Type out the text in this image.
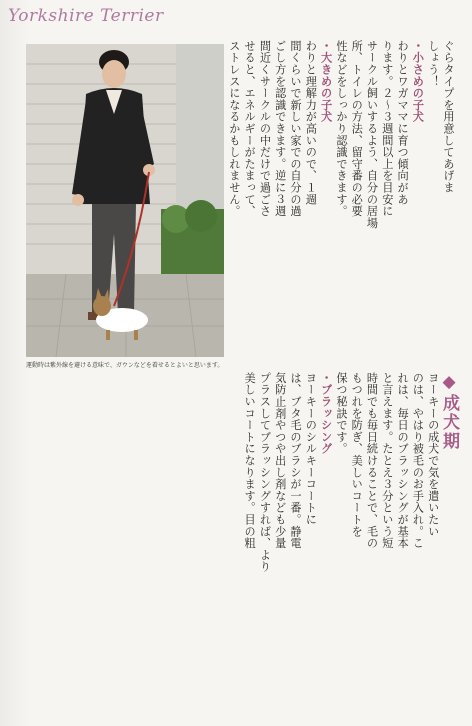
Yorkshire Terrier
運動時は紫外線を避ける意味で、ガウンなどを着せるとよいと思います。

ぐらタイプを用意してあげま

しょう！

・小さめの子犬

わりとワガママに育つ傾向があ

ります。２～３週間以上を目安に

サークル飼いするよう、自分の居場

所、トイレの方法、留守番の必要

性などをしっかり認識できます。

・大きめの子犬

わりと理解力が高いので、１週

間くらいで新しい家での自分の過

ごし方を認識できます。逆に３週

間近くサークルの中だけで過ごさ

せると、エネルギーがたまって、

ストレスになるかもしれません。

◆成犬期

ヨーキーの成犬で気を遣いたい

のは、やはり被毛のお手入れ。こ

れは、毎日のブラッシングが基本

と言えます。たとえ３分という短

時間でも毎日続けることで、毛の

もつれを防ぎ、美しいコートを

保つ秘訣です。

・ブラッシング

ヨーキーのシルキーコートに

は、ブタ毛のブラシが一番。静電

気防止剤やつや出し剤なども少量

プラスしてブラッシングすれば、より

美しいコートになります。目の粗
